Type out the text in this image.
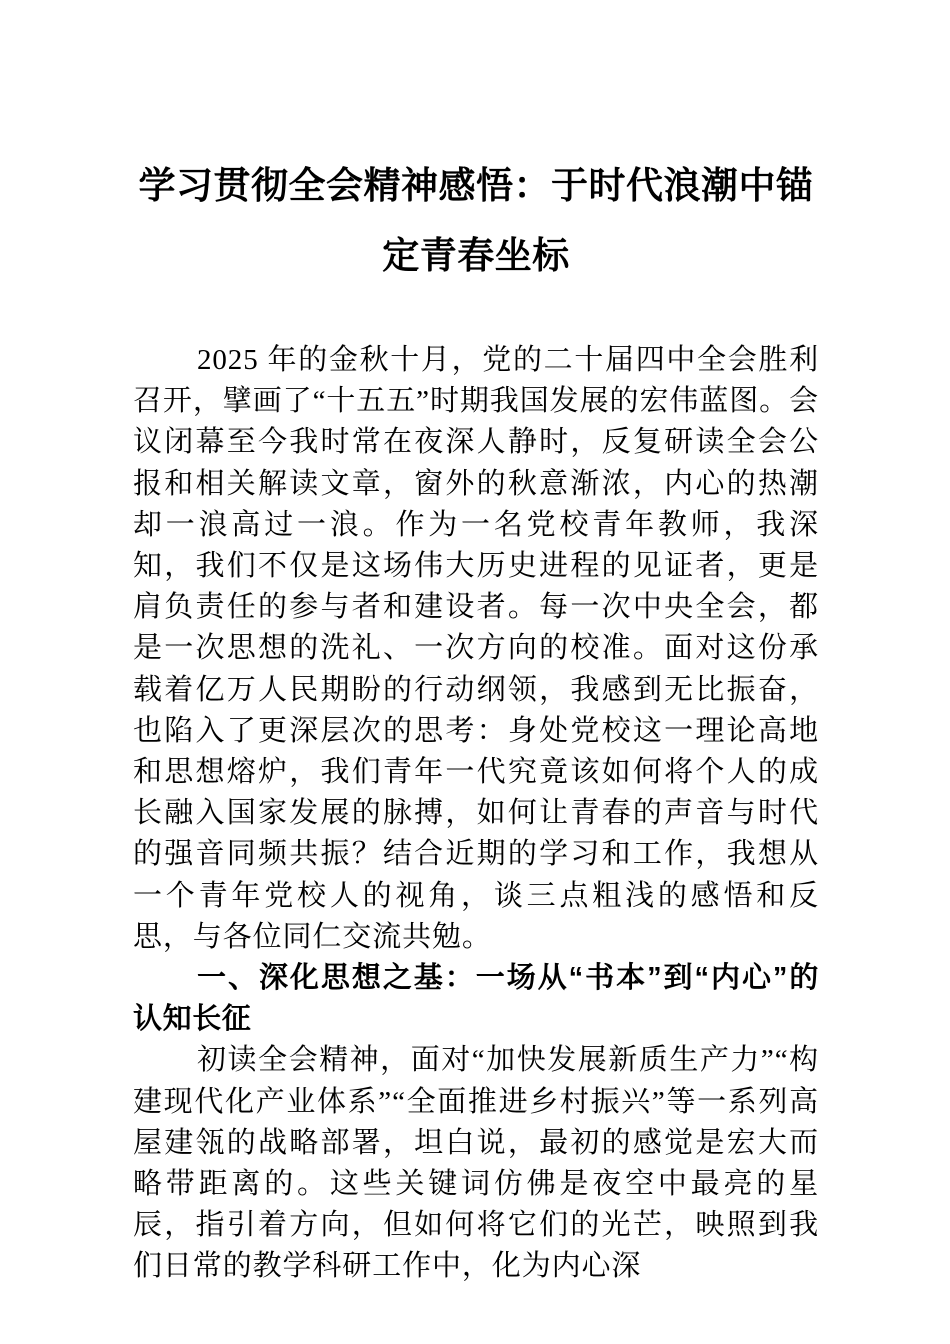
学习贯彻全会精神感悟：于时代浪潮中锚 定青春坐标

2025 年的金秋十月，党的二十届四中全会胜利召开，擘画了“十五五”时期我国发展的宏伟蓝图。会议闭幕至今我时常在夜深人静时，反复研读全会公报和相关解读文章，窗外的秋意渐浓，内心的热潮却一浪高过一浪。作为一名党校青年教师，我深知，我们不仅是这场伟大历史进程的见证者，更是肩负责任的参与者和建设者。每一次中央全会，都是一次思想的洗礼、一次方向的校准。面对这份承载着亿万人民期盼的行动纲领，我感到无比振奋，也陷入了更深层次的思考：身处党校这一理论高地和思想熔炉，我们青年一代究竟该如何将个人的成长融入国家发展的脉搏，如何让青春的声音与时代的强音同频共振？结合近期的学习和工作，我想从一个青年党校人的视角，谈三点粗浅的感悟和反思，与各位同仁交流共勉。

一、深化思想之基：一场从“书本”到“内心”的认知长征

初读全会精神，面对“加快发展新质生产力”“构建现代化产业体系”“全面推进乡村振兴”等一系列高屋建瓴的战略部署，坦白说，最初的感觉是宏大而略带距离的。这些关键词仿佛是夜空中最亮的星辰，指引着方向，但如何将它们的光芒，映照到我们日常的教学科研工作中，化为内心深
